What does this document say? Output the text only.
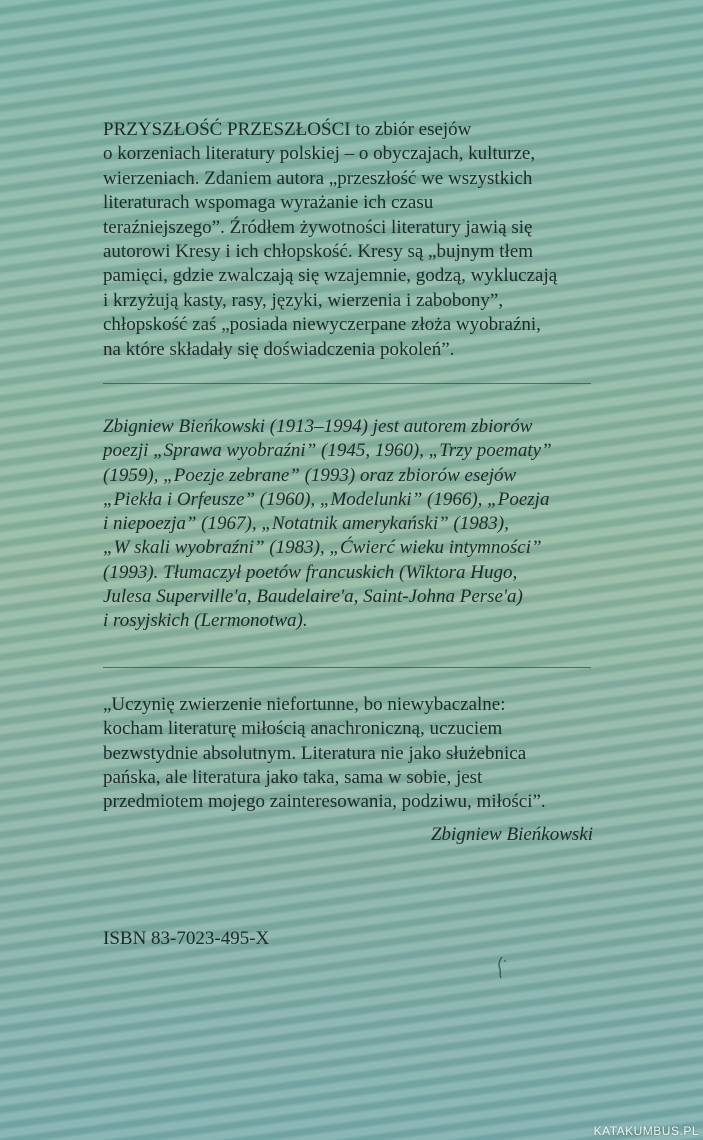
PRZYSZŁOŚĆ PRZESZŁOŚCI to zbiór esejów
o korzeniach literatury polskiej – o obyczajach, kulturze,
wierzeniach. Zdaniem autora „przeszłość we wszystkich
literaturach wspomaga wyrażanie ich czasu
teraźniejszego”. Źródłem żywotności literatury jawią się
autorowi Kresy i ich chłopskość. Kresy są „bujnym tłem
pamięci, gdzie zwalczają się wzajemnie, godzą, wykluczają
i krzyżują kasty, rasy, języki, wierzenia i zabobony”,
chłopskość zaś „posiada niewyczerpane złoża wyobraźni,
na które składały się doświadczenia pokoleń”.

Zbigniew Bieńkowski (1913–1994) jest autorem zbiorów
poezji „Sprawa wyobraźni” (1945, 1960), „Trzy poematy”
(1959), „Poezje zebrane” (1993) oraz zbiorów esejów
„Piekła i Orfeusze” (1960), „Modelunki” (1966), „Poezja
i niepoezja” (1967), „Notatnik amerykański” (1983),
„W skali wyobraźni” (1983), „Ćwierć wieku intymności”
(1993). Tłumaczył poetów francuskich (Wiktora Hugo,
Julesa Superville'a, Baudelaire'a, Saint-Johna Perse'a)
i rosyjskich (Lermonotwa).

„Uczynię zwierzenie niefortunne, bo niewybaczalne:
kocham literaturę miłością anachroniczną, uczuciem
bezwstydnie absolutnym. Literatura nie jako służebnica
pańska, ale literatura jako taka, sama w sobie, jest
przedmiotem mojego zainteresowania, podziwu, miłości”.

Zbigniew Bieńkowski

ISBN 83-7023-495-X

KATAKUMBUS.PL
